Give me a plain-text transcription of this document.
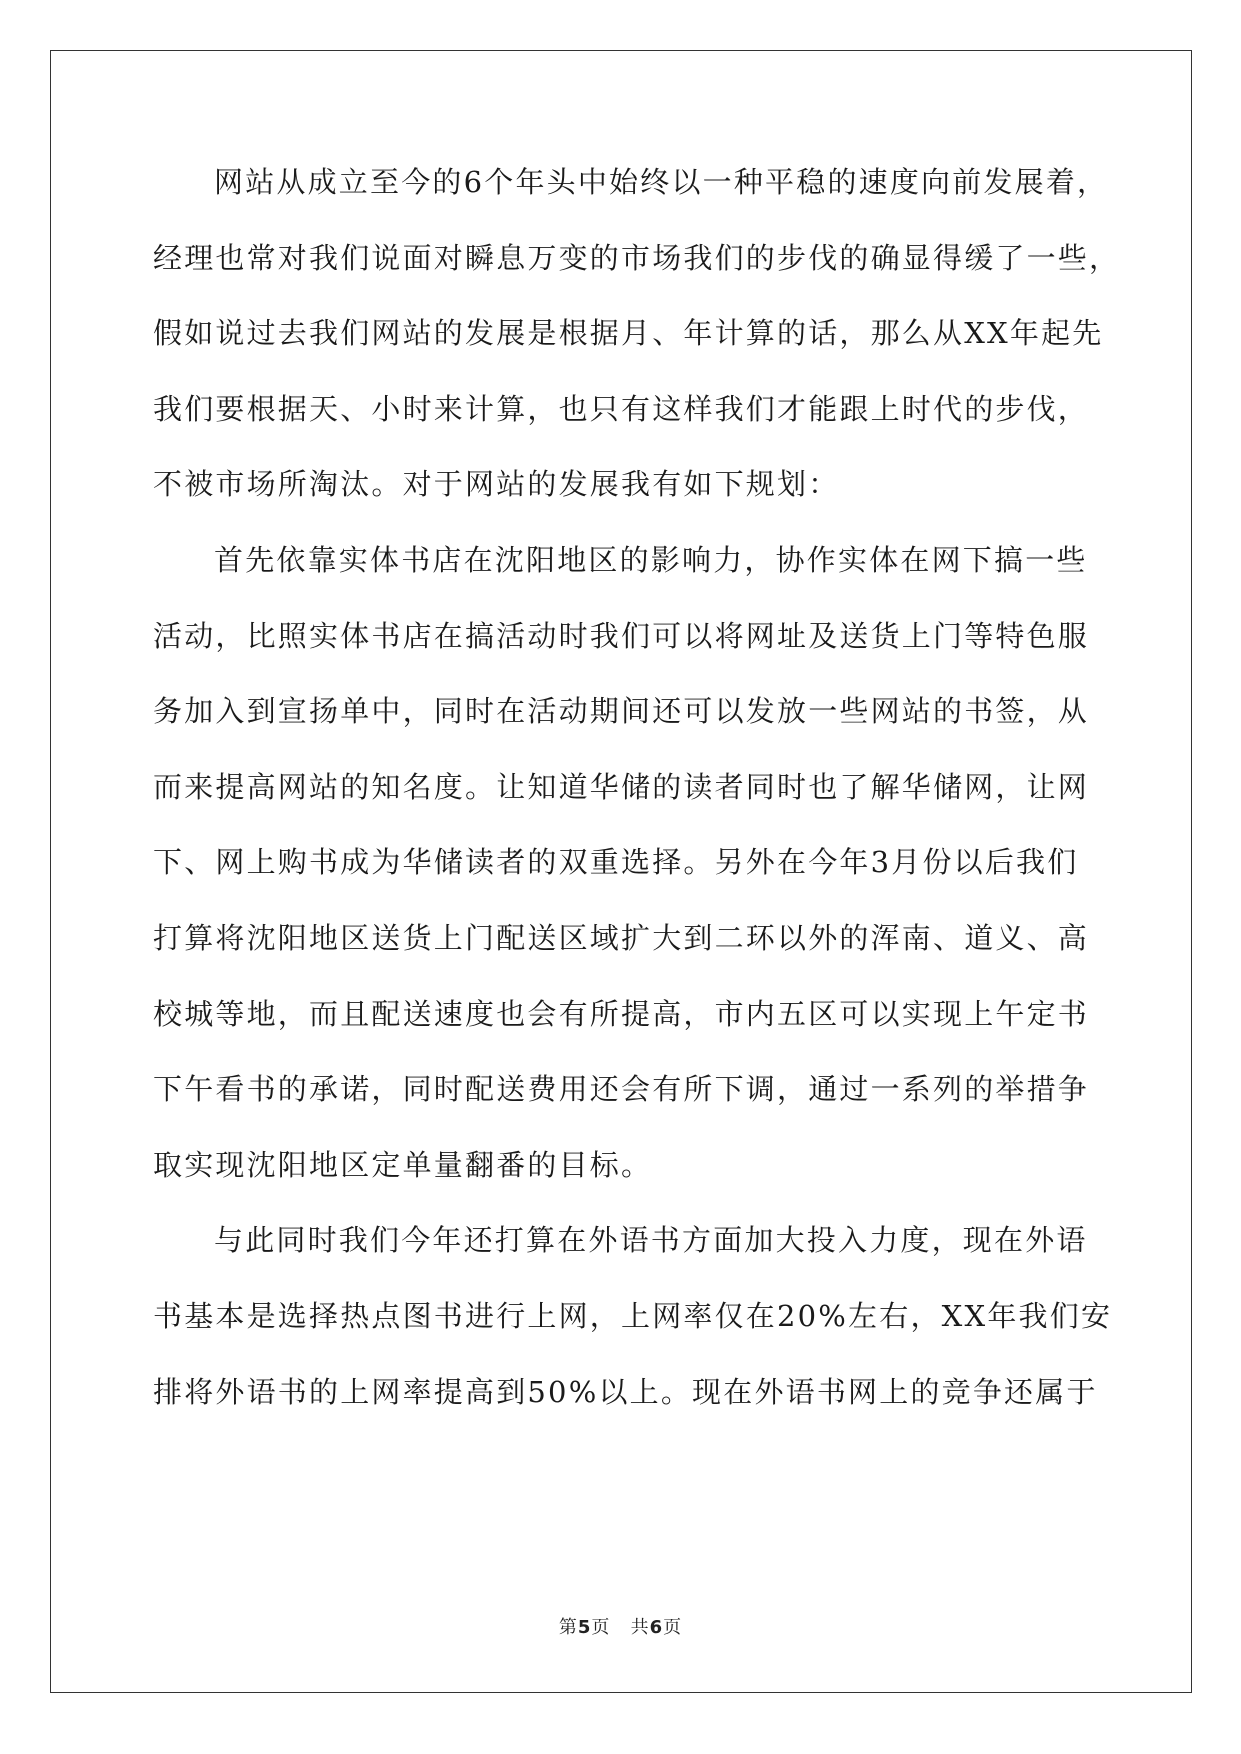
网站从成立至今的6个年头中始终以一种平稳的速度向前发展着，
经理也常对我们说面对瞬息万变的市场我们的步伐的确显得缓了一些，
假如说过去我们网站的发展是根据月、年计算的话，那么从XX年起先
我们要根据天、小时来计算，也只有这样我们才能跟上时代的步伐，
不被市场所淘汰。对于网站的发展我有如下规划：
首先依靠实体书店在沈阳地区的影响力，协作实体在网下搞一些
活动，比照实体书店在搞活动时我们可以将网址及送货上门等特色服
务加入到宣扬单中，同时在活动期间还可以发放一些网站的书签，从
而来提高网站的知名度。让知道华储的读者同时也了解华储网，让网
下、网上购书成为华储读者的双重选择。另外在今年3月份以后我们
打算将沈阳地区送货上门配送区域扩大到二环以外的浑南、道义、高
校城等地，而且配送速度也会有所提高，市内五区可以实现上午定书
下午看书的承诺，同时配送费用还会有所下调，通过一系列的举措争
取实现沈阳地区定单量翻番的目标。
与此同时我们今年还打算在外语书方面加大投入力度，现在外语
书基本是选择热点图书进行上网，上网率仅在20%左右，XX年我们安
排将外语书的上网率提高到50%以上。现在外语书网上的竞争还属于
第5页 共6页
